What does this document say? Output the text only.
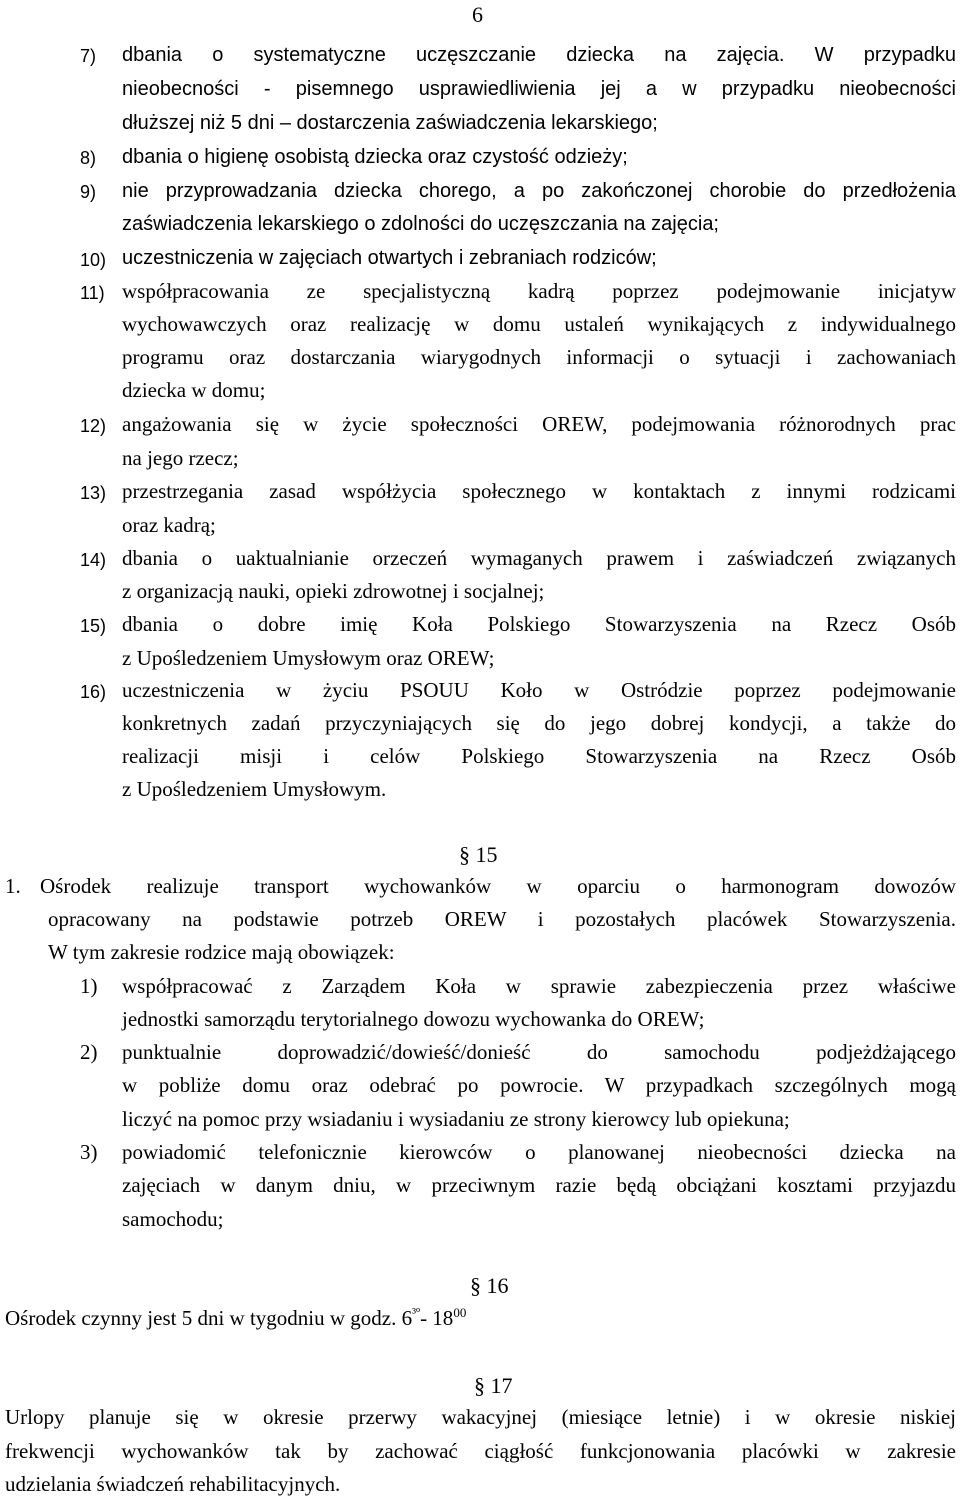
6
7) dbania o systematyczne uczęszczanie dziecka na zajęcia. W przypadku
nieobecności - pisemnego usprawiedliwienia jej a w przypadku nieobecności
dłuższej niż 5 dni – dostarczenia zaświadczenia lekarskiego;
8) dbania o higienę osobistą dziecka oraz czystość odzieży;
9) nie przyprowadzania dziecka chorego, a po zakończonej chorobie do przedłożenia
zaświadczenia lekarskiego o zdolności do uczęszczania na zajęcia;
10) uczestniczenia w zajęciach otwartych i zebraniach rodziców;
11) współpracowania ze specjalistyczną kadrą poprzez podejmowanie inicjatyw
wychowawczych oraz realizację w domu ustaleń wynikających z indywidualnego
programu oraz dostarczania wiarygodnych informacji o sytuacji i zachowaniach
dziecka w domu;
12) angażowania się w życie społeczności OREW, podejmowania różnorodnych prac
na jego rzecz;
13) przestrzegania zasad współżycia społecznego w kontaktach z innymi rodzicami
oraz kadrą;
14) dbania o uaktualnianie orzeczeń wymaganych prawem i zaświadczeń związanych
z organizacją nauki, opieki zdrowotnej i socjalnej;
15) dbania o dobre imię Koła Polskiego Stowarzyszenia na Rzecz Osób
z Upośledzeniem Umysłowym oraz OREW;
16) uczestniczenia w życiu PSOUU Koło w Ostródzie poprzez podejmowanie
konkretnych zadań przyczyniających się do jego dobrej kondycji, a także do
realizacji misji i celów Polskiego Stowarzyszenia na Rzecz Osób
z Upośledzeniem Umysłowym.
§ 15
1. Ośrodek realizuje transport wychowanków w oparciu o harmonogram dowozów
opracowany na podstawie potrzeb OREW i pozostałych placówek Stowarzyszenia.
W tym zakresie rodzice mają obowiązek:
1) współpracować z Zarządem Koła w sprawie zabezpieczenia przez właściwe
jednostki samorządu terytorialnego dowozu wychowanka do OREW;
2) punktualnie doprowadzić/dowieść/donieść do samochodu podjeżdżającego
w pobliże domu oraz odebrać po powrocie. W przypadkach szczególnych mogą
liczyć na pomoc przy wsiadaniu i wysiadaniu ze strony kierowcy lub opiekuna;
3) powiadomić telefonicznie kierowców o planowanej nieobecności dziecka na
zajęciach w danym dniu, w przeciwnym razie będą obciążani kosztami przyjazdu
samochodu;
§ 16
Ośrodek czynny jest 5 dni w tygodniu w godz. $6^{^3º}-$ $18^{00}$
§ 17
Urlopy planuje się w okresie przerwy wakacyjnej (miesiące letnie) i w okresie niskiej
frekwencji wychowanków tak by zachować ciągłość funkcjonowania placówki w zakresie
udzielania świadczeń rehabilitacyjnych.
